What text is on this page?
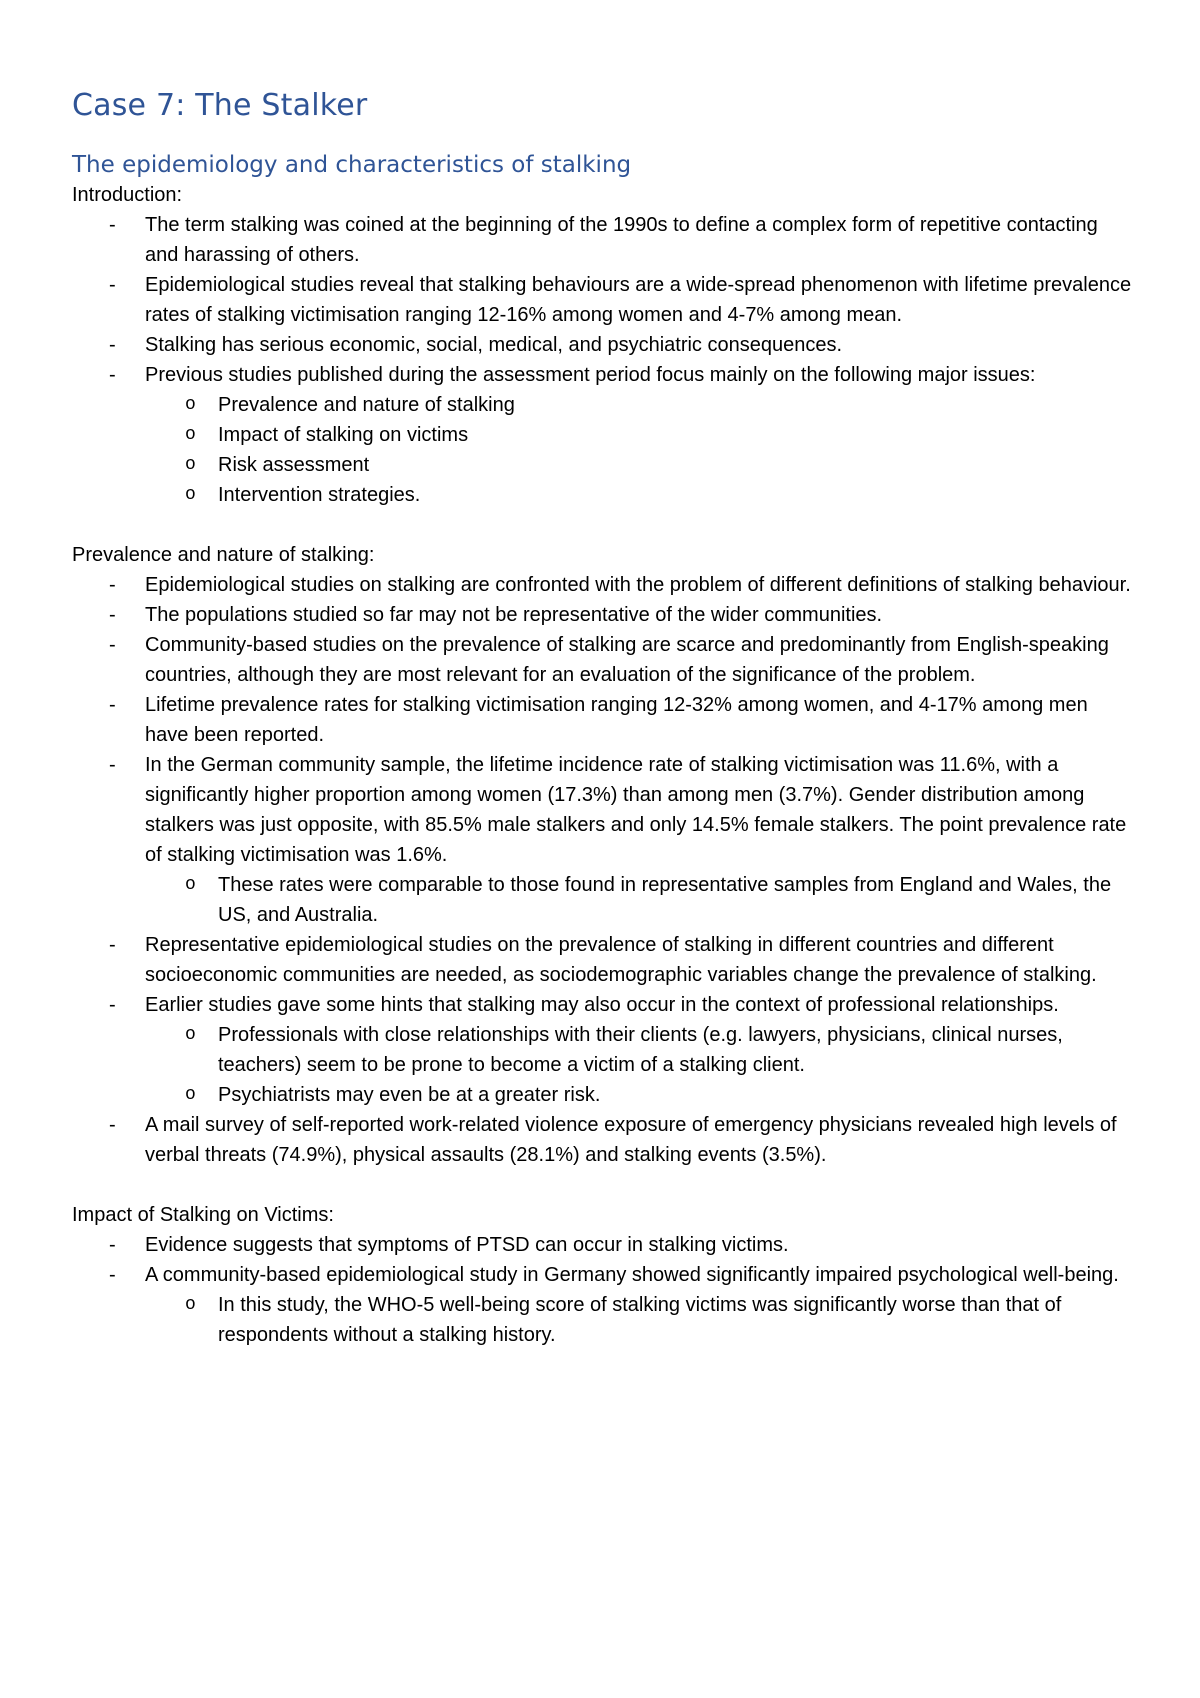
Case 7: The Stalker
The epidemiology and characteristics of stalking

Introduction:

- The term stalking was coined at the beginning of the 1990s to define a complex form of repetitive contacting and harassing of others.
- Epidemiological studies reveal that stalking behaviours are a wide-spread phenomenon with lifetime prevalence rates of stalking victimisation ranging 12-16% among women and 4-7% among mean.
- Stalking has serious economic, social, medical, and psychiatric consequences.
- Previous studies published during the assessment period focus mainly on the following major issues:
o Prevalence and nature of stalking
o Impact of stalking on victims
o Risk assessment
o Intervention strategies.

Prevalence and nature of stalking:

- Epidemiological studies on stalking are confronted with the problem of different definitions of stalking behaviour.
- The populations studied so far may not be representative of the wider communities.
- Community-based studies on the prevalence of stalking are scarce and predominantly from English-speaking countries, although they are most relevant for an evaluation of the significance of the problem.
- Lifetime prevalence rates for stalking victimisation ranging 12-32% among women, and 4-17% among men have been reported.
- In the German community sample, the lifetime incidence rate of stalking victimisation was 11.6%, with a significantly higher proportion among women (17.3%) than among men (3.7%). Gender distribution among stalkers was just opposite, with 85.5% male stalkers and only 14.5% female stalkers. The point prevalence rate of stalking victimisation was 1.6%.
o These rates were comparable to those found in representative samples from England and Wales, the US, and Australia.
- Representative epidemiological studies on the prevalence of stalking in different countries and different socioeconomic communities are needed, as sociodemographic variables change the prevalence of stalking.
- Earlier studies gave some hints that stalking may also occur in the context of professional relationships.
o Professionals with close relationships with their clients (e.g. lawyers, physicians, clinical nurses, teachers) seem to be prone to become a victim of a stalking client.
o Psychiatrists may even be at a greater risk.
- A mail survey of self-reported work-related violence exposure of emergency physicians revealed high levels of verbal threats (74.9%), physical assaults (28.1%) and stalking events (3.5%).

Impact of Stalking on Victims:

- Evidence suggests that symptoms of PTSD can occur in stalking victims.
- A community-based epidemiological study in Germany showed significantly impaired psychological well-being.
o In this study, the WHO-5 well-being score of stalking victims was significantly worse than that of respondents without a stalking history.
